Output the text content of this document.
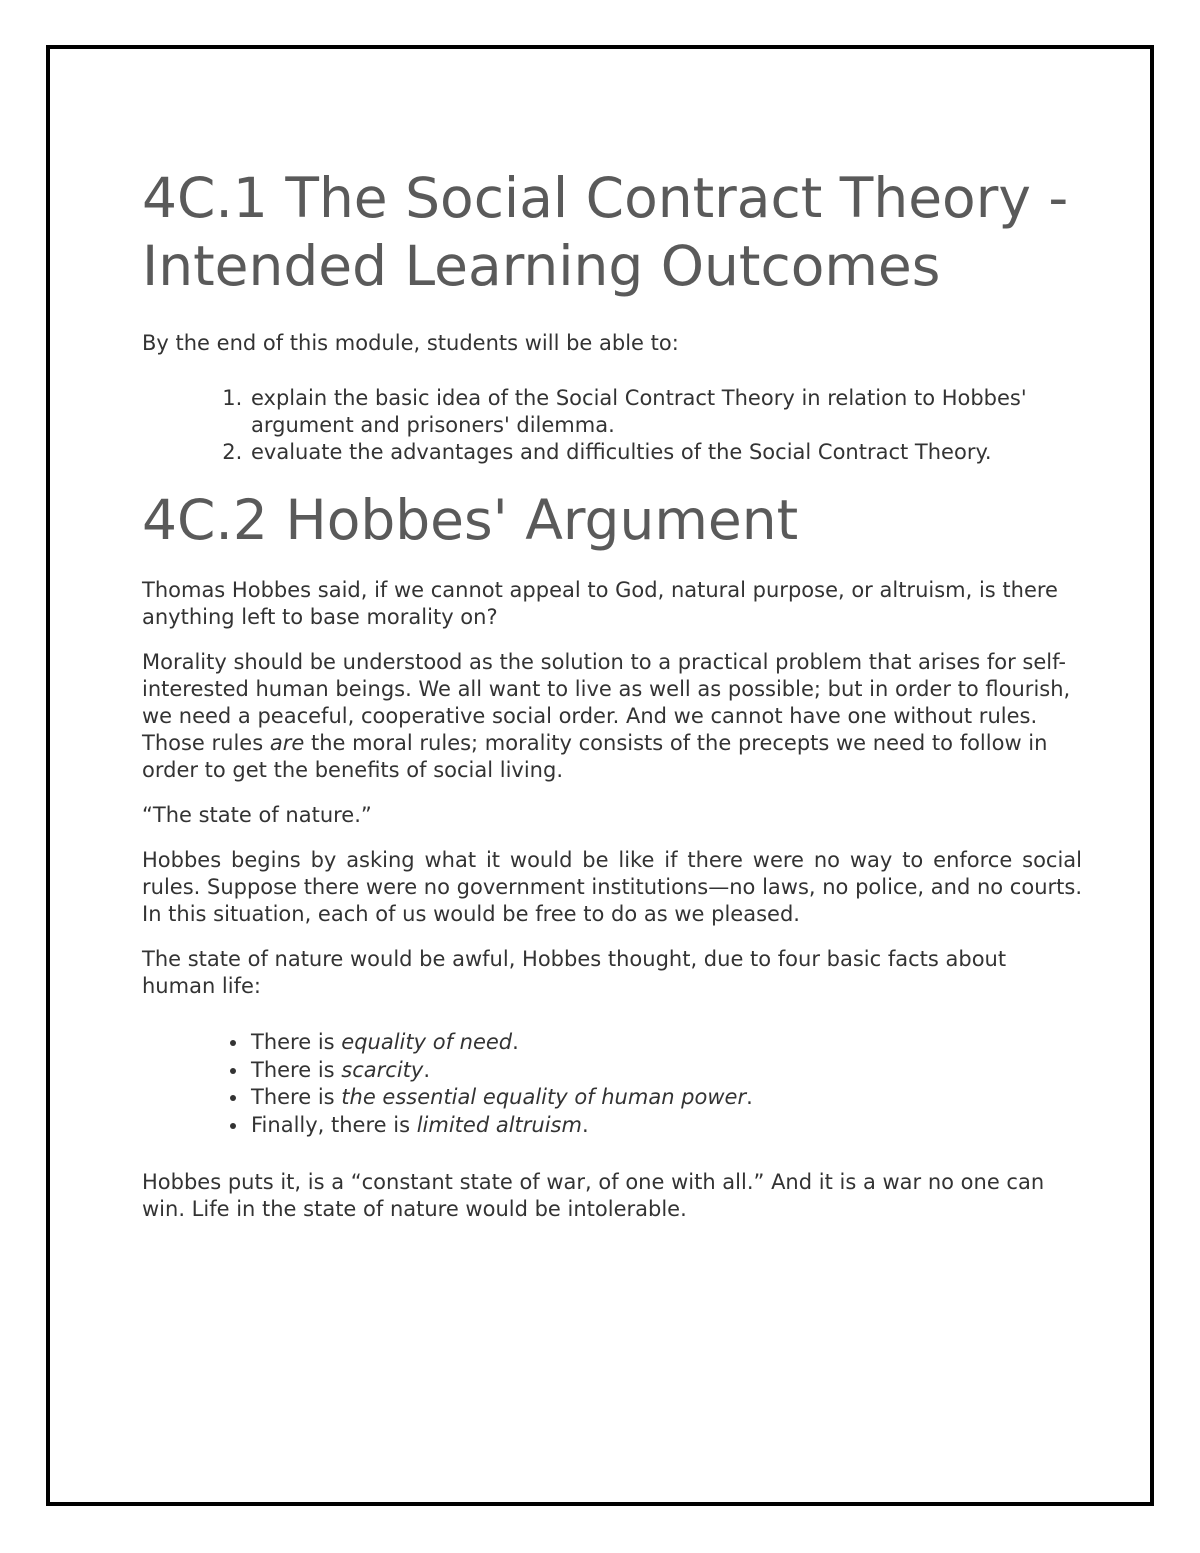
4C.1 The Social Contract Theory - Intended Learning Outcomes

By the end of this module, students will be able to:

1. explain the basic idea of the Social Contract Theory in relation to Hobbes' argument and prisoners' dilemma.
2. evaluate the advantages and difficulties of the Social Contract Theory.
4C.2 Hobbes' Argument

Thomas Hobbes said, if we cannot appeal to God, natural purpose, or altruism, is there anything left to base morality on?

Morality should be understood as the solution to a practical problem that arises for self-interested human beings. We all want to live as well as possible; but in order to flourish, we need a peaceful, cooperative social order. And we cannot have one without rules. Those rules are the moral rules; morality consists of the precepts we need to follow in order to get the benefits of social living.

“The state of nature.”

Hobbes begins by asking what it would be like if there were no way to enforce social rules. Suppose there were no government institutions—no laws, no police, and no courts. In this situation, each of us would be free to do as we pleased.

The state of nature would be awful, Hobbes thought, due to four basic facts about human life:

• There is equality of need.
• There is scarcity.
• There is the essential equality of human power.
• Finally, there is limited altruism.

Hobbes puts it, is a “constant state of war, of one with all.” And it is a war no one can win. Life in the state of nature would be intolerable.
